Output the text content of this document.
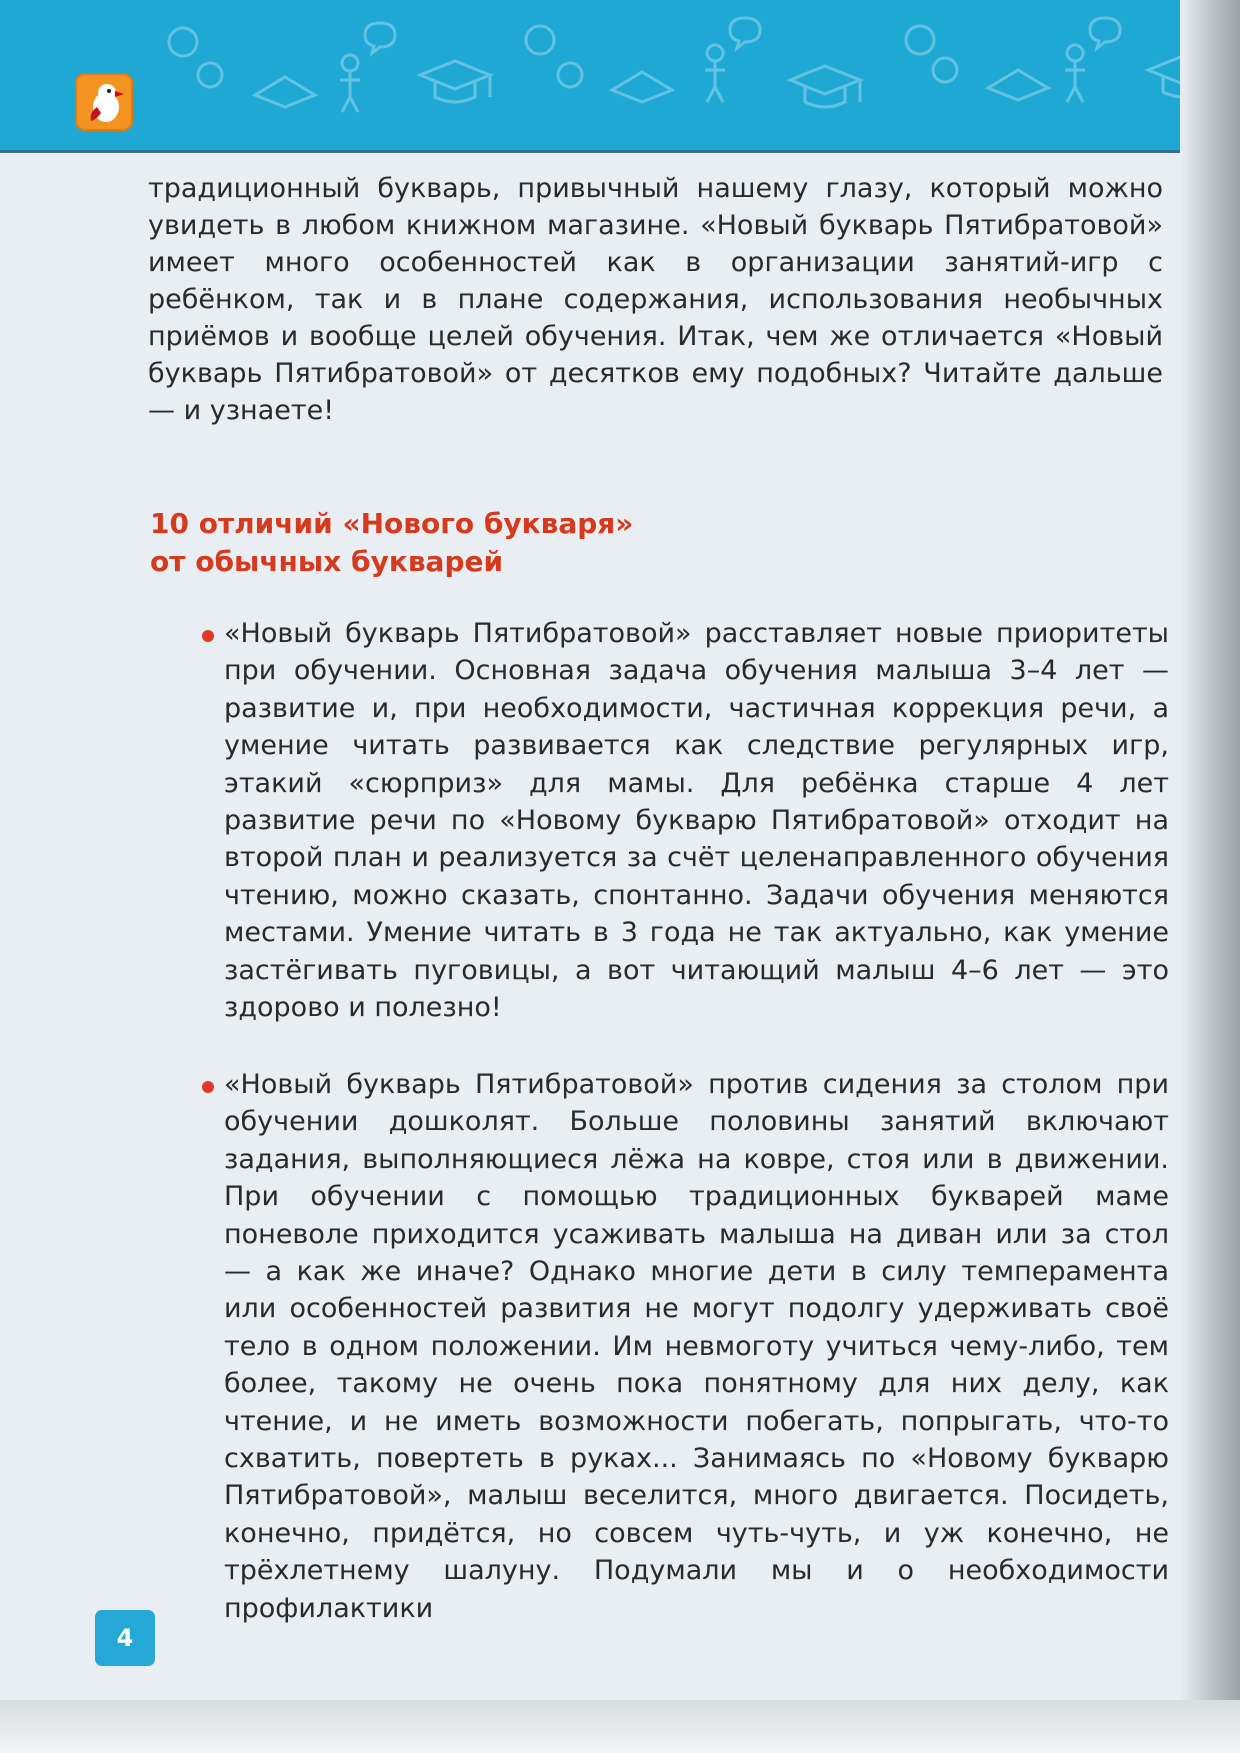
традиционный букварь, привычный нашему глазу, который можно увидеть в любом книжном магазине. «Новый букварь Пятибратовой» имеет много особенностей как в организации занятий-игр с ребёнком, так и в плане содержания, использования необычных приёмов и вообще целей обучения. Итак, чем же отличается «Новый букварь Пятибратовой» от десятков ему подобных? Читайте дальше — и узнаете!
10 отличий «Нового букваря»
от обычных букварей
«Новый букварь Пятибратовой» расставляет новые приоритеты при обучении. Основная задача обучения малыша 3–4 лет — развитие и, при необходимости, частичная коррекция речи, а умение читать развивается как следствие регулярных игр, этакий «сюрприз» для мамы. Для ребёнка старше 4 лет развитие речи по «Новому букварю Пятибратовой» отходит на второй план и реализуется за счёт целенаправленного обучения чтению, можно сказать, спонтанно. Задачи обучения меняются местами. Умение читать в 3 года не так актуально, как умение застёгивать пуговицы, а вот читающий малыш 4–6 лет — это здорово и полезно!
«Новый букварь Пятибратовой» против сидения за столом при обучении дошколят. Больше половины занятий включают задания, выполняющиеся лёжа на ковре, стоя или в движении. При обучении с помощью традиционных букварей маме поневоле приходится усаживать малыша на диван или за стол — а как же иначе? Однако многие дети в силу темперамента или особенностей развития не могут подолгу удерживать своё тело в одном положении. Им невмоготу учиться чему-либо, тем более, такому не очень пока понятному для них делу, как чтение, и не иметь возможности побегать, попрыгать, что-то схватить, повертеть в руках... Занимаясь по «Новому букварю Пятибратовой», малыш веселится, много двигается. Посидеть, конечно, придётся, но совсем чуть-чуть, и уж конечно, не трёхлетнему шалуну. Подумали мы и о необходимости профилактики
4
